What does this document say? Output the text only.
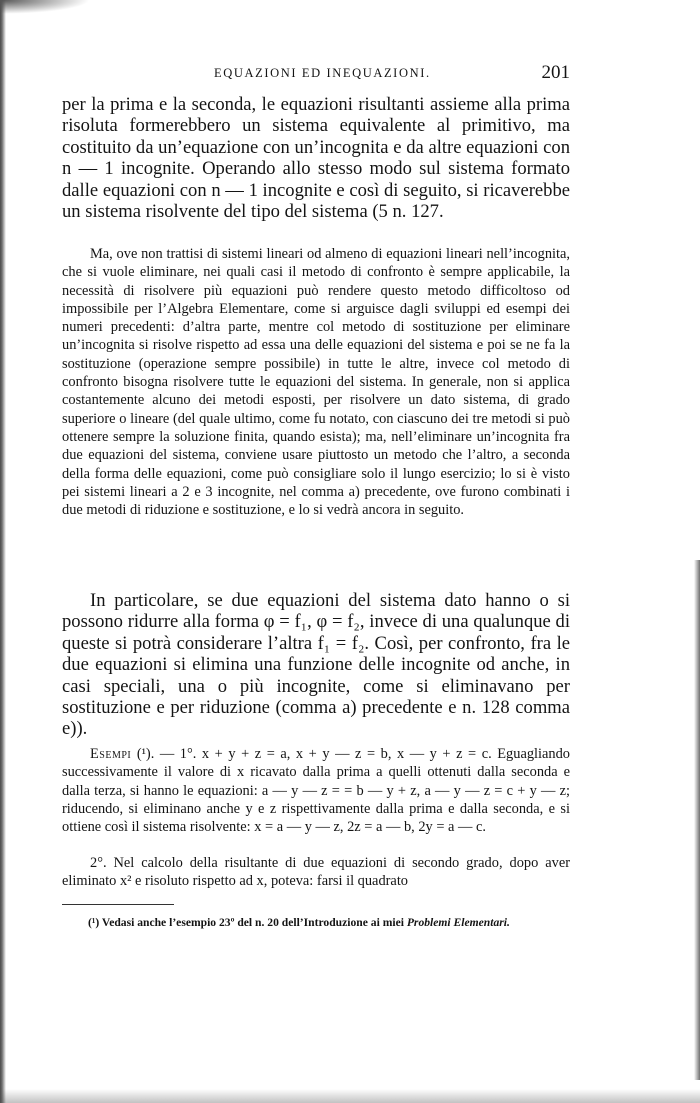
EQUAZIONI ED INEQUAZIONI.	201

per la prima e la seconda, le equazioni risultanti assieme alla prima risoluta formerebbero un sistema equivalente al primitivo, ma costituito da un’equazione con un’incognita e da altre equazioni con n — 1 incognite. Operando allo stesso modo sul sistema formato dalle equazioni con n — 1 incognite e così di seguito, si ricaverebbe un sistema risolvente del tipo del sistema (5 n. 127.

Ma, ove non trattisi di sistemi lineari od almeno di equazioni lineari nell’incognita, che si vuole eliminare, nei quali casi il metodo di confronto è sempre applicabile, la necessità di risolvere più equazioni può rendere questo metodo difficoltoso od impossibile per l’Algebra Elementare, come si arguisce dagli sviluppi ed esempi dei numeri precedenti: d’altra parte, mentre col metodo di sostituzione per eliminare un’incognita si risolve rispetto ad essa una delle equazioni del sistema e poi se ne fa la sostituzione (operazione sempre possibile) in tutte le altre, invece col metodo di confronto bisogna risolvere tutte le equazioni del sistema. In generale, non si applica costantemente alcuno dei metodi esposti, per risolvere un dato sistema, di grado superiore o lineare (del quale ultimo, come fu notato, con ciascuno dei tre metodi si può ottenere sempre la soluzione finita, quando esista); ma, nell’eliminare un’incognita fra due equazioni del sistema, conviene usare piuttosto un metodo che l’altro, a seconda della forma delle equazioni, come può consigliare solo il lungo esercizio; lo si è visto pei sistemi lineari a 2 e 3 incognite, nel comma a) precedente, ove furono combinati i due metodi di riduzione e sostituzione, e lo si vedrà ancora in seguito.

In particolare, se due equazioni del sistema dato hanno o si possono ridurre alla forma φ = f₁, φ = f₂, invece di una qualunque di queste si potrà considerare l’altra f₁ = f₂. Così, per confronto, fra le due equazioni si elimina una funzione delle incognite od anche, in casi speciali, una o più incognite, come si eliminavano per sostituzione e per riduzione (comma a) precedente e n. 128 comma e)).

Esempi (¹). — 1°. x + y + z = a, x + y — z = b, x — y + z = c. Eguagliando successivamente il valore di x ricavato dalla prima a quelli ottenuti dalla seconda e dalla terza, si hanno le equazioni: a — y — z = = b — y + z, a — y — z = c + y — z; riducendo, si eliminano anche y e z rispettivamente dalla prima e dalla seconda, e si ottiene così il sistema risolvente: x = a — y — z, 2z = a — b, 2y = a — c.

2°. Nel calcolo della risultante di due equazioni di secondo grado, dopo aver eliminato x² e risoluto rispetto ad x, poteva: farsi il quadrato

(¹) Vedasi anche l’esempio 23º del n. 20 dell’Introduzione ai miei Problemi Elementari.
